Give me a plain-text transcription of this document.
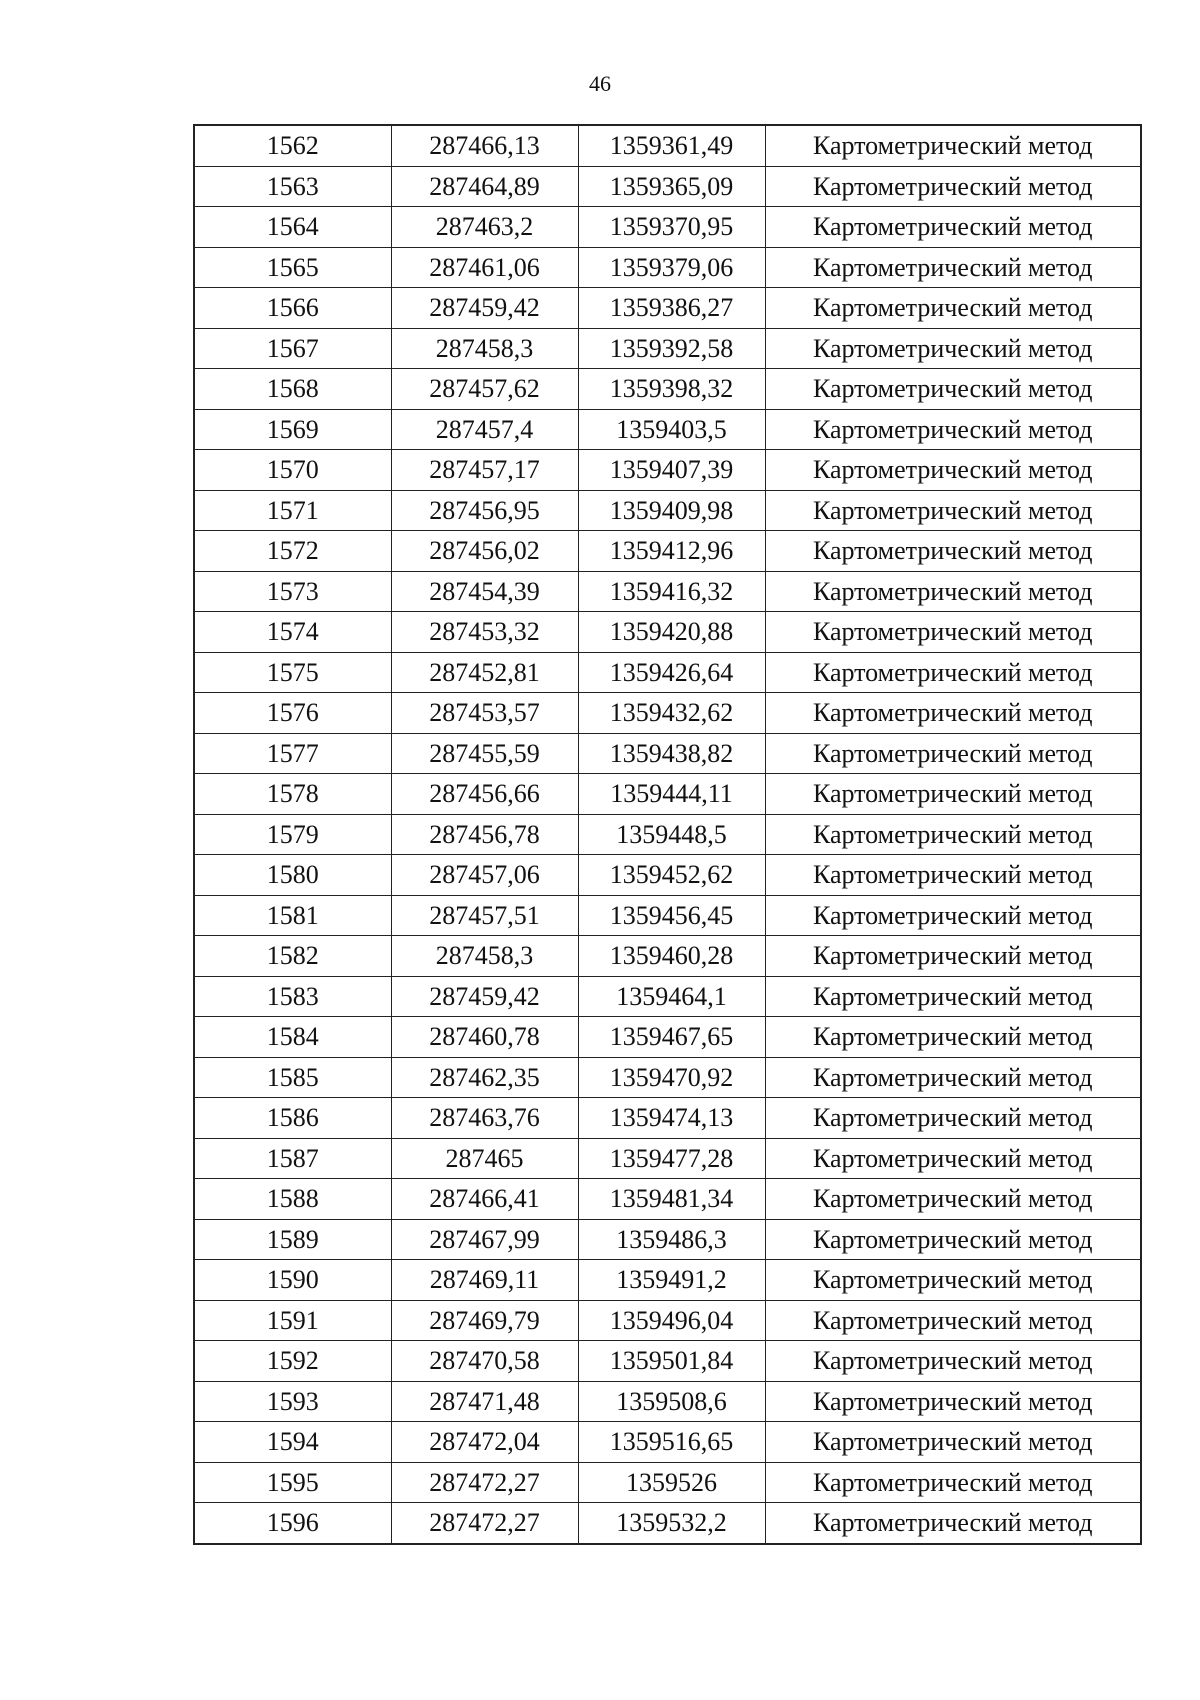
46
1562	287466,13	1359361,49	Картометрический метод
1563	287464,89	1359365,09	Картометрический метод
1564	287463,2	1359370,95	Картометрический метод
1565	287461,06	1359379,06	Картометрический метод
1566	287459,42	1359386,27	Картометрический метод
1567	287458,3	1359392,58	Картометрический метод
1568	287457,62	1359398,32	Картометрический метод
1569	287457,4	1359403,5	Картометрический метод
1570	287457,17	1359407,39	Картометрический метод
1571	287456,95	1359409,98	Картометрический метод
1572	287456,02	1359412,96	Картометрический метод
1573	287454,39	1359416,32	Картометрический метод
1574	287453,32	1359420,88	Картометрический метод
1575	287452,81	1359426,64	Картометрический метод
1576	287453,57	1359432,62	Картометрический метод
1577	287455,59	1359438,82	Картометрический метод
1578	287456,66	1359444,11	Картометрический метод
1579	287456,78	1359448,5	Картометрический метод
1580	287457,06	1359452,62	Картометрический метод
1581	287457,51	1359456,45	Картометрический метод
1582	287458,3	1359460,28	Картометрический метод
1583	287459,42	1359464,1	Картометрический метод
1584	287460,78	1359467,65	Картометрический метод
1585	287462,35	1359470,92	Картометрический метод
1586	287463,76	1359474,13	Картометрический метод
1587	287465	1359477,28	Картометрический метод
1588	287466,41	1359481,34	Картометрический метод
1589	287467,99	1359486,3	Картометрический метод
1590	287469,11	1359491,2	Картометрический метод
1591	287469,79	1359496,04	Картометрический метод
1592	287470,58	1359501,84	Картометрический метод
1593	287471,48	1359508,6	Картометрический метод
1594	287472,04	1359516,65	Картометрический метод
1595	287472,27	1359526	Картометрический метод
1596	287472,27	1359532,2	Картометрический метод
